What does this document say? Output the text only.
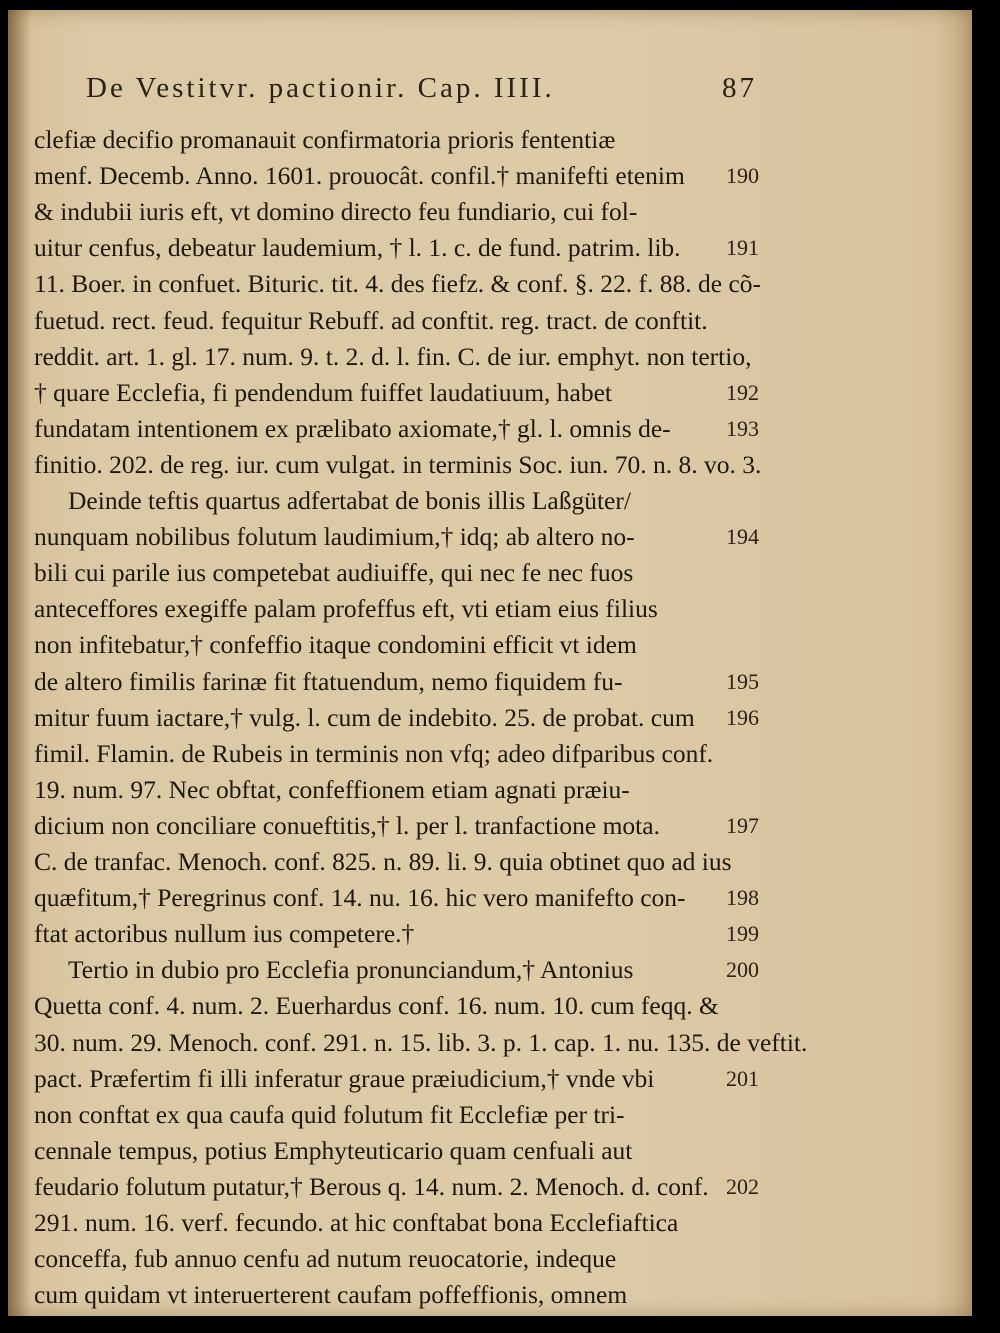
De Vestitvr. pactionir. Cap. IIII.	87
clefiæ decifio promanauit confirmatoria prioris fententiæ
menf. Decemb. Anno. 1601. prouocât. confil.† manifefti etenim
& indubii iuris eft, vt domino directo feu fundiario, cui fol-
uitur cenfus, debeatur laudemium, † l. 1. c. de fund. patrim. lib.
11. Boer. in confuet. Bituric. tit. 4. des fiefz. & conf. §. 22. f. 88. de cõ-
fuetud. rect. feud. fequitur Rebuff. ad conftit. reg. tract. de conftit.
reddit. art. 1. gl. 17. num. 9. t. 2. d. l. fin. C. de iur. emphyt. non tertio,
† quare Ecclefia, fi pendendum fuiffet laudatiuum, habet
fundatam intentionem ex prælibato axiomate,† gl. l. omnis de-
finitio. 202. de reg. iur. cum vulgat. in terminis Soc. iun. 70. n. 8. vo. 3.
Deinde teftis quartus adfertabat de bonis illis Laßgüter/
nunquam nobilibus folutum laudimium,† idq; ab altero no-
bili cui parile ius competebat audiuiffe, qui nec fe nec fuos
anteceffores exegiffe palam profeffus eft, vti etiam eius filius
non infitebatur,† confeffio itaque condomini efficit vt idem
de altero fimilis farinæ fit ftatuendum, nemo fiquidem fu-
mitur fuum iactare,† vulg. l. cum de indebito. 25. de probat. cum
fimil. Flamin. de Rubeis in terminis non vfq; adeo difparibus conf.
19. num. 97. Nec obftat, confeffionem etiam agnati præiu-
dicium non conciliare conueftitis,† l. per l. tranfactione mota.
C. de tranfac. Menoch. conf. 825. n. 89. li. 9. quia obtinet quo ad ius
quæfitum,† Peregrinus conf. 14. nu. 16. hic vero manifefto con-
ftat actoribus nullum ius competere.†
Tertio in dubio pro Ecclefia pronunciandum,† Antonius
Quetta conf. 4. num. 2. Euerhardus conf. 16. num. 10. cum feqq. &
30. num. 29. Menoch. conf. 291. n. 15. lib. 3. p. 1. cap. 1. nu. 135. de veftit.
pact. Præfertim fi illi inferatur graue præiudicium,† vnde vbi
non conftat ex qua caufa quid folutum fit Ecclefiæ per tri-
cennale tempus, potius Emphyteuticario quam cenfuali aut
feudario folutum putatur,† Berous q. 14. num. 2. Menoch. d. conf.
291. num. 16. verf. fecundo. at hic conftabat bona Ecclefiaftica
conceffa, fub annuo cenfu ad nutum reuocatorie, indeque
cum quidam vt interuerterent caufam poffeffionis, omnem
190
191
192
193
194
195
196
197
198
199
200
201
202
